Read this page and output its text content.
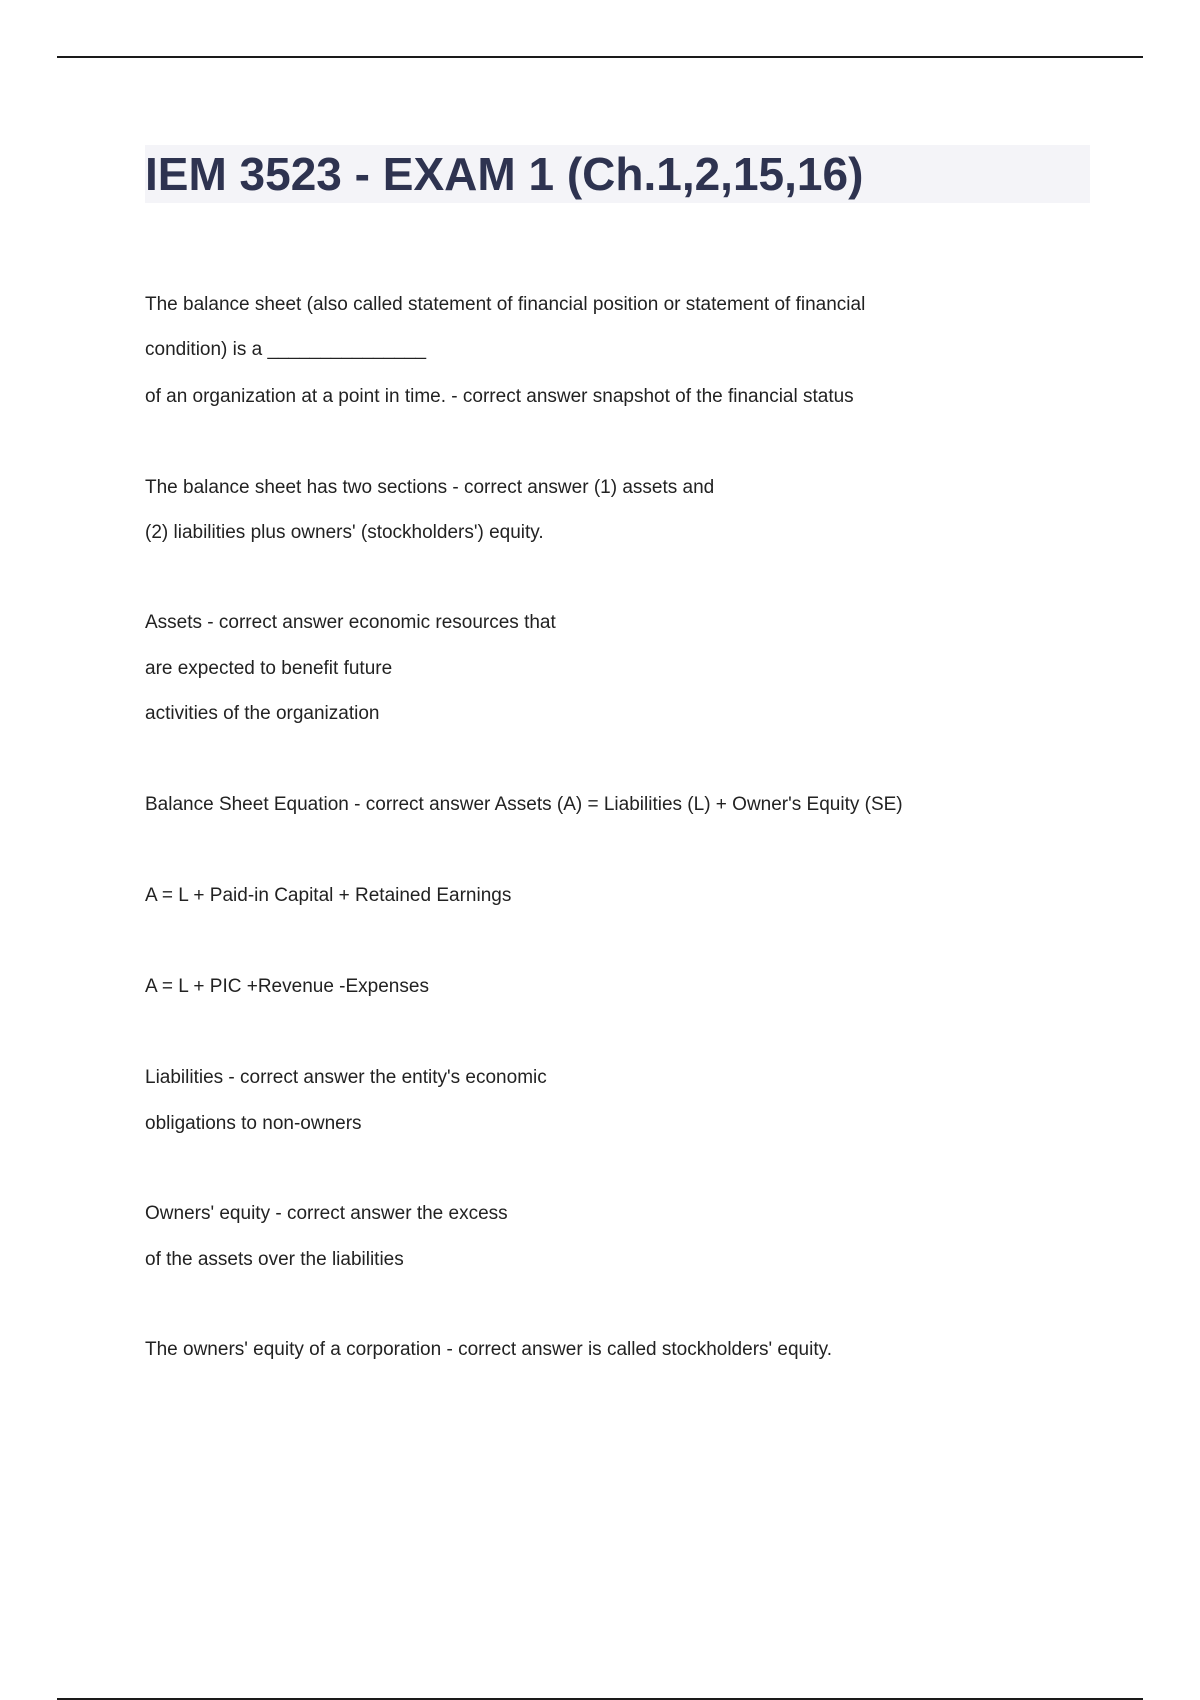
IEM 3523 - EXAM 1 (Ch.1,2,15,16)

The balance sheet (also called statement of financial position or statement of financial

condition) is a _______________

of an organization at a point in time. - correct answer snapshot of the financial status

The balance sheet has two sections - correct answer (1) assets and

(2) liabilities plus owners' (stockholders') equity.

Assets - correct answer economic resources that

are expected to benefit future

activities of the organization

Balance Sheet Equation - correct answer Assets (A) = Liabilities (L) + Owner's Equity (SE)

A = L + Paid-in Capital + Retained Earnings

A = L + PIC +Revenue -Expenses

Liabilities - correct answer the entity's economic

obligations to non-owners

Owners' equity - correct answer the excess

of the assets over the liabilities

The owners' equity of a corporation - correct answer is called stockholders' equity.
